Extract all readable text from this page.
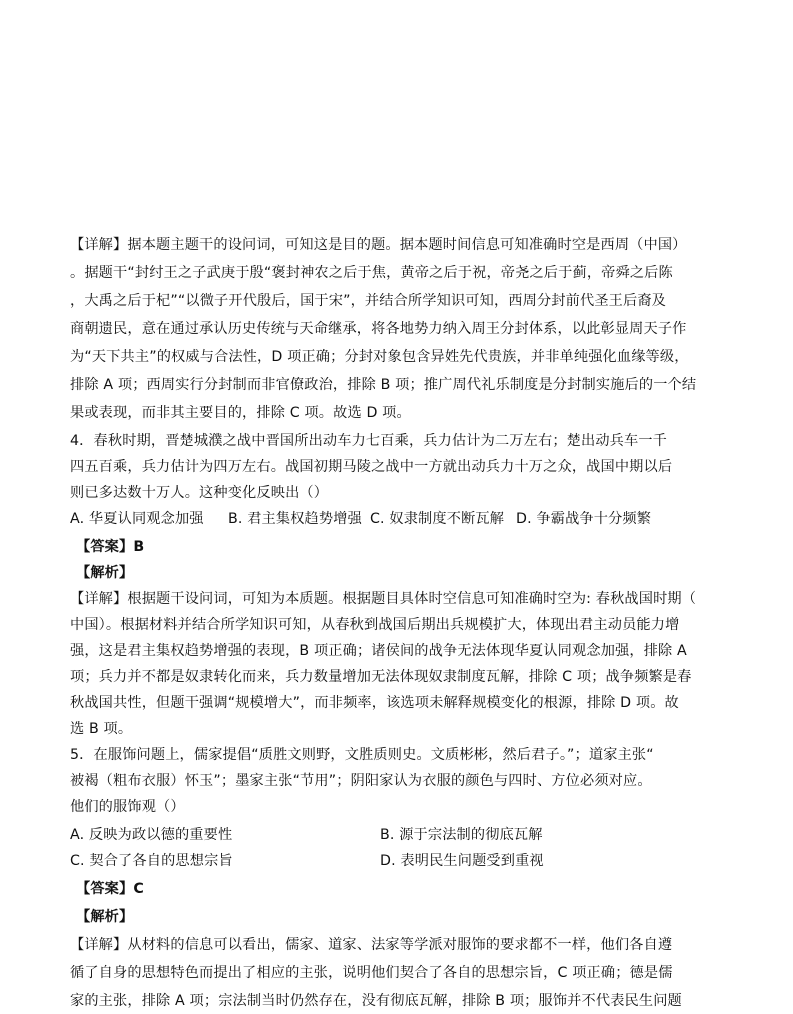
【详解】据本题主题干的设问词，可知这是目的题。据本题时间信息可知准确时空是西周（中国）
。据题干“封纣王之子武庚于殷“褒封神农之后于焦，黄帝之后于祝，帝尧之后于蓟，帝舜之后陈
，大禹之后于杞”“以微子开代殷后，国于宋”，并结合所学知识可知，西周分封前代圣王后裔及
商朝遗民，意在通过承认历史传统与天命继承，将各地势力纳入周王分封体系，以此彰显周天子作
为“天下共主”的权威与合法性，D 项正确；分封对象包含异姓先代贵族，并非单纯强化血缘等级，
排除 A 项；西周实行分封制而非官僚政治，排除 B 项；推广周代礼乐制度是分封制实施后的一个结
果或表现，而非其主要目的，排除 C 项。故选 D 项。
4．春秋时期，晋楚城濮之战中晋国所出动车力七百乘，兵力估计为二万左右；楚出动兵车一千
四五百乘，兵力估计为四万左右。战国初期马陵之战中一方就出动兵力十万之众，战国中期以后
则已多达数十万人。这种变化反映出（）
A. 华夏认同观念加强 B. 君主集权趋势增强 C. 奴隶制度不断瓦解 D. 争霸战争十分频繁
【答案】B
【解析】
【详解】根据题干设问词，可知为本质题。根据题目具体时空信息可知准确时空为: 春秋战国时期（
中国）。根据材料并结合所学知识可知，从春秋到战国后期出兵规模扩大，体现出君主动员能力增
强，这是君主集权趋势增强的表现，B 项正确；诸侯间的战争无法体现华夏认同观念加强，排除 A
项；兵力并不都是奴隶转化而来，兵力数量增加无法体现奴隶制度瓦解，排除 C 项；战争频繁是春
秋战国共性，但题干强调“规模增大”，而非频率，该选项未解释规模变化的根源，排除 D 项。故
选 B 项。
5．在服饰问题上，儒家提倡“质胜文则野，文胜质则史。文质彬彬，然后君子。”；道家主张“
被褐（粗布衣服）怀玉”；墨家主张“节用”；阴阳家认为衣服的颜色与四时、方位必须对应。
他们的服饰观（）
A. 反映为政以德的重要性	B. 源于宗法制的彻底瓦解
C. 契合了各自的思想宗旨	D. 表明民生问题受到重视
【答案】C
【解析】
【详解】从材料的信息可以看出，儒家、道家、法家等学派对服饰的要求都不一样，他们各自遵
循了自身的思想特色而提出了相应的主张，说明他们契合了各自的思想宗旨，C 项正确；德是儒
家的主张，排除 A 项；宗法制当时仍然存在，没有彻底瓦解，排除 B 项；服饰并不代表民生问题
